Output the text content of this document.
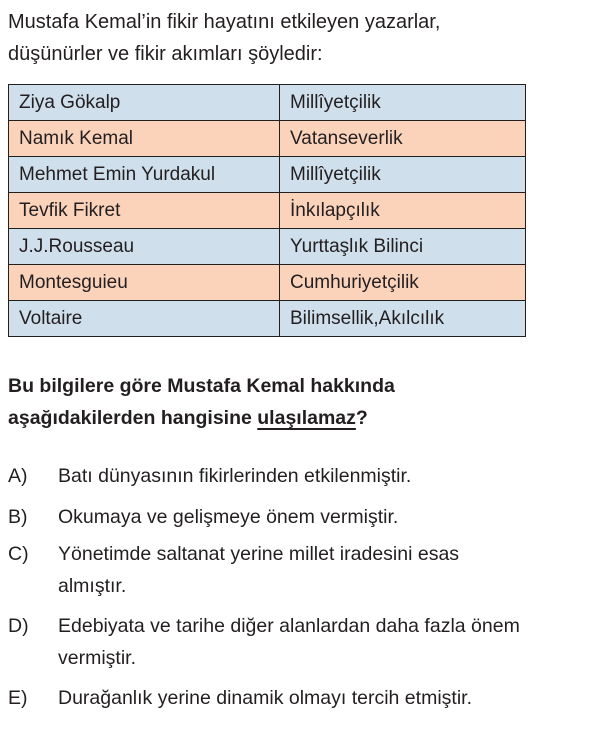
Mustafa Kemal’in fikir hayatını etkileyen yazarlar,
düşünürler ve fikir akımları şöyledir:
Ziya Gökalp	Millîyetçilik
Namık Kemal	Vatanseverlik
Mehmet Emin Yurdakul	Millîyetçilik
Tevfik Fikret	İnkılapçılık
J.J.Rousseau	Yurttaşlık Bilinci
Montesguieu	Cumhuriyetçilik
Voltaire	Bilimsellik,Akılcılık
Bu bilgilere göre Mustafa Kemal hakkında
aşağıdakilerden hangisine ulaşılamaz?
A) Batı dünyasının fikirlerinden etkilenmiştir.
B) Okumaya ve gelişmeye önem vermiştir.
C) Yönetimde saltanat yerine millet iradesini esas
almıştır.
D) Edebiyata ve tarihe diğer alanlardan daha fazla önem
vermiştir.
E) Durağanlık yerine dinamik olmayı tercih etmiştir.
